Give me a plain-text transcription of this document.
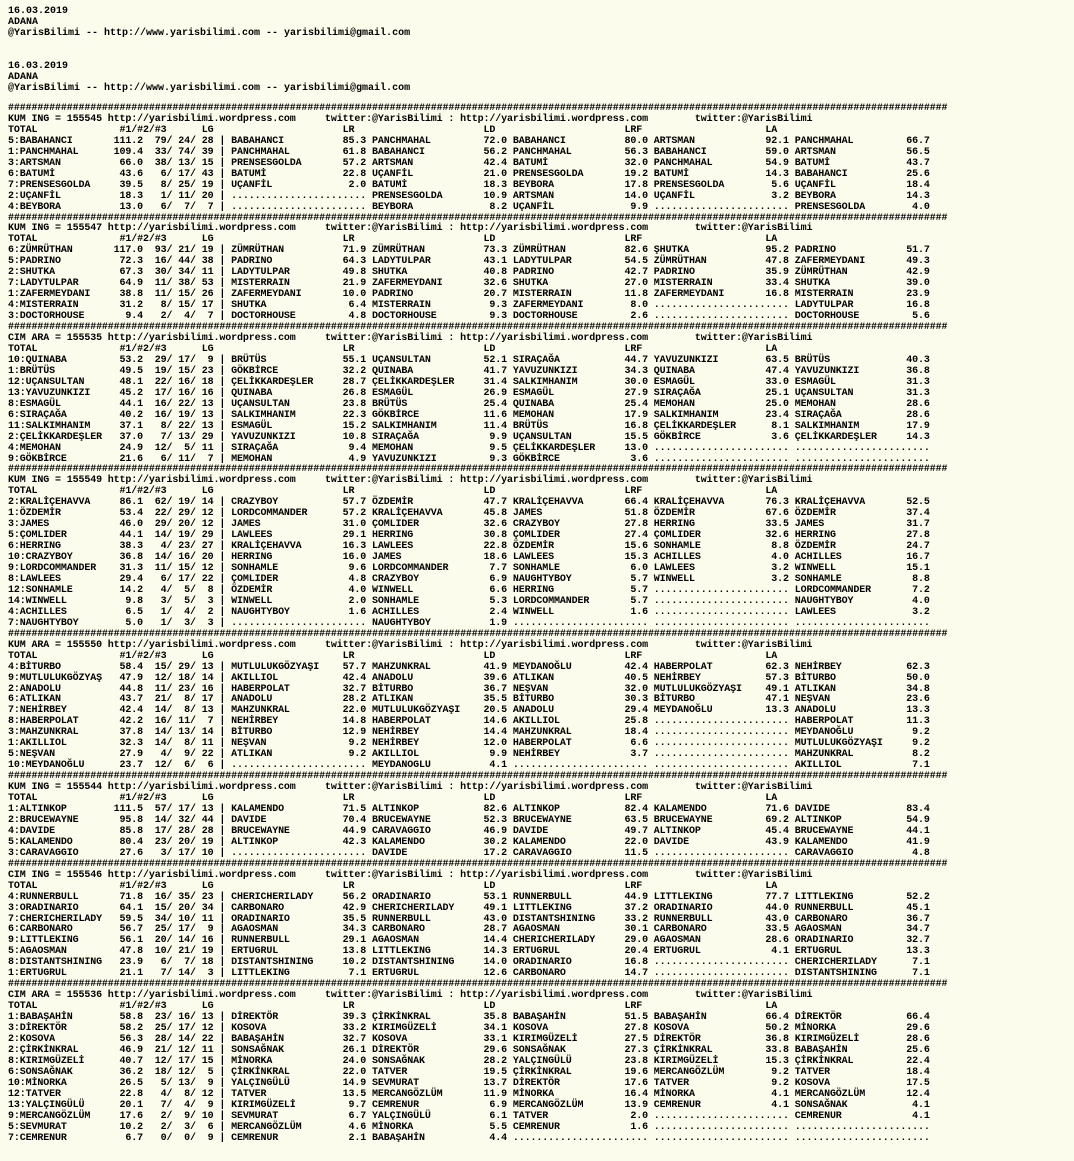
16.03.2019
ADANA
@YarisBilimi -- http://www.yarisbilimi.com -- yarisbilimi@gmail.com
16.03.2019
ADANA
@YarisBilimi -- http://www.yarisbilimi.com -- yarisbilimi@gmail.com
################################################################################################################################################################
KUM ING = 155545 http://yarisbilimi.wordpress.com     twitter:@YarisBilimi : http://yarisbilimi.wordpress.com        twitter:@YarisBilimi
TOTAL              #1/#2/#3      LG                      LR                      LD                      LRF                     LA
5:BABAHANCI       111.2  79/ 24/ 28 | BABAHANCI          85.3 PANCHMAHAL         72.0 BABAHANCI          80.0 ARTSMAN            92.1 PANCHMAHAL         66.7
1:PANCHMAHAL      109.4  33/ 74/ 39 | PANCHMAHAL         61.8 BABAHANCI          56.2 PANCHMAHAL         56.3 BABAHANCI          59.0 ARTSMAN            56.5
3:ARTSMAN          66.0  38/ 13/ 15 | PRENSESGOLDA       57.2 ARTSMAN            42.4 BATUMİ             32.0 PANCHMAHAL         54.9 BATUMİ             43.7
6:BATUMİ           43.6   6/ 17/ 43 | BATUMİ             22.8 UÇANFİL            21.0 PRENSESGOLDA       19.2 BATUMİ             14.3 BABAHANCI          25.6
7:PRENSESGOLDA     39.5   8/ 25/ 19 | UÇANFİL             2.0 BATUMİ             18.3 BEYBORA            17.8 PRENSESGOLDA        5.6 UÇANFİL            18.4
2:UÇANFİL          18.3   1/ 11/ 20 | ....................... PRENSESGOLDA       10.9 ARTSMAN            14.0 UÇANFİL             3.2 BEYBORA            14.3
4:BEYBORA          13.0   6/  7/  7 | ....................... BEYBORA             8.2 UÇANFİL             9.9 ....................... PRENSESGOLDA        4.0
################################################################################################################################################################
KUM ING = 155547 http://yarisbilimi.wordpress.com     twitter:@YarisBilimi : http://yarisbilimi.wordpress.com        twitter:@YarisBilimi
TOTAL              #1/#2/#3      LG                      LR                      LD                      LRF                     LA
6:ZÜMRÜTHAN       117.0  93/ 21/ 19 | ZÜMRÜTHAN          71.9 ZÜMRÜTHAN          73.3 ZÜMRÜTHAN          82.6 ŞHUTKA             95.2 PADRINO            51.7
5:PADRINO          72.3  16/ 44/ 38 | PADRINO            64.3 LADYTULPAR         43.1 LADYTULPAR         54.5 ZÜMRÜTHAN          47.8 ZAFERMEYDANI       49.3
2:SHUTKA           67.3  30/ 34/ 11 | LADYTULPAR         49.8 SHUTKA             40.8 PADRINO            42.7 PADRINO            35.9 ZÜMRÜTHAN          42.9
7:LADYTULPAR       64.9  11/ 38/ 53 | MISTERRAIN         21.9 ZAFERMEYDANI       32.6 SHUTKA             27.0 MISTERRAIN         33.4 SHUTKA             39.0
1:ZAFERMEYDANI     38.8  11/ 15/ 26 | ZAFERMEYDANI       10.0 PADRINO            20.7 MISTERRAIN         11.8 ZAFERMEYDANI       16.8 MISTERRAIN         23.9
4:MISTERRAIN       31.2   8/ 15/ 17 | SHUTKA              6.4 MISTERRAIN          9.3 ZAFERMEYDANI        8.0 ....................... LADYTULPAR         16.8
3:DOCTORHOUSE       9.4   2/  4/  7 | DOCTORHOUSE         4.8 DOCTORHOUSE         9.3 DOCTORHOUSE         2.6 ....................... DOCTORHOUSE         5.6
################################################################################################################################################################
CIM ARA = 155535 http://yarisbilimi.wordpress.com     twitter:@YarisBilimi : http://yarisbilimi.wordpress.com        twitter:@YarisBilimi
TOTAL              #1/#2/#3      LG                      LR                      LD                      LRF                     LA
10:QUINABA         53.2  29/ 17/  9 | BRÜTÜS             55.1 UÇANSULTAN         52.1 SIRAÇAĞA           44.7 YAVUZUNKIZI        63.5 BRÜTÜS             40.3
1:BRÜTÜS           49.5  19/ 15/ 23 | GÖKBİRCE           32.2 QUINABA            41.7 YAVUZUNKIZI        34.3 QUINABA            47.4 YAVUZUNKIZI        36.8
12:UÇANSULTAN      48.1  22/ 16/ 18 | ÇELİKKARDEŞLER     28.7 ÇELİKKARDEŞLER     31.4 SALKIMHANIM        30.0 ESMAGÜL            33.0 ESMAGÜL            31.3
13:YAVUZUNKIZI     45.2  17/ 16/ 16 | QUINABA            26.8 ESMAGÜL            26.9 ESMAGÜL            27.9 SIRAÇAĞA           25.1 UÇANSULTAN         31.3
8:ESMAGÜL          44.1  16/ 22/ 13 | UÇANSULTAN         23.8 BRÜTÜS             25.4 QUINABA            25.4 MEMOHAN            25.0 MEMOHAN            28.6
6:SIRAÇAĞA         40.2  16/ 19/ 13 | SALKIMHANIM        22.3 GÖKBİRCE           11.6 MEMOHAN            17.9 SALKIMHANIM        23.4 SIRAÇAĞA           28.6
11:SALKIMHANIM     37.1   8/ 22/ 13 | ESMAGÜL            15.2 SALKIMHANIM        11.4 BRÜTÜS             16.8 ÇELİKKARDEŞLER      8.1 SALKIMHANIM        17.9
2:ÇELİKKARDEŞLER   37.0   7/ 13/ 29 | YAVUZUNKIZI        10.8 SIRAÇAĞA            9.9 UÇANSULTAN         15.5 GÖKBİRCE            3.6 ÇELİKKARDEŞLER     14.3
4:MEMOHAN          24.9  12/  5/ 11 | SIRAÇAĞA            9.4 MEMOHAN             9.5 ÇELİKKARDEŞLER     13.0 ....................... .......................
9:GÖKBİRCE         21.6   6/ 11/  7 | MEMOHAN             4.9 YAVUZUNKIZI         9.3 GÖKBİRCE            3.6 ....................... .......................
################################################################################################################################################################
KUM ING = 155549 http://yarisbilimi.wordpress.com     twitter:@YarisBilimi : http://yarisbilimi.wordpress.com        twitter:@YarisBilimi
TOTAL              #1/#2/#3      LG                      LR                      LD                      LRF                     LA
2:KRALİÇEHAVVA     86.1  62/ 19/ 14 | CRAZYBOY           57.7 ÖZDEMİR            47.7 KRALİÇEHAVVA       66.4 KRALİÇEHAVVA       76.3 KRALİÇEHAVVA       52.5
1:ÖZDEMİR          53.4  22/ 29/ 12 | LORDCOMMANDER      57.2 KRALİÇEHAVVA       45.8 JAMES              51.8 ÖZDEMİR            67.6 ÖZDEMİR            37.4
3:JAMES            46.0  29/ 20/ 12 | JAMES              31.0 ÇOMLIDER           32.6 CRAZYBOY           27.8 HERRING            33.5 JAMES              31.7
5:ÇOMLIDER         44.1  14/ 19/ 29 | LAWLEES            29.1 HERRING            30.8 ÇOMLIDER           27.4 ÇOMLIDER           32.6 HERRING            27.8
6:HERRING          38.3   4/ 23/ 27 | KRALİÇEHAVVA       16.3 LAWLEES            22.8 ÖZDEMİR            15.6 SONHAMLE            8.8 ÖZDEMİR            24.7
10:CRAZYBOY        36.8  14/ 16/ 20 | HERRING            16.0 JAMES              18.6 LAWLEES            15.3 ACHILLES            4.0 ACHILLES           16.7
9:LORDCOMMANDER    31.3  11/ 15/ 12 | SONHAMLE            9.6 LORDCOMMANDER       7.7 SONHAMLE            6.0 LAWLEES             3.2 WINWELL            15.1
8:LAWLEES          29.4   6/ 17/ 22 | ÇOMLIDER            4.8 CRAZYBOY            6.9 NAUGHTYBOY          5.7 WINWELL             3.2 SONHAMLE            8.8
12:SONHAMLE        14.2   4/  5/  8 | ÖZDEMİR             4.0 WINWELL             6.6 HERRING             5.7 ....................... LORDCOMMANDER       7.2
14:WINWELL          9.8   3/  5/  3 | WINWELL             2.0 SONHAMLE            5.3 LORDCOMMANDER       5.7 ....................... NAUGHTYBOY          4.0
4:ACHILLES          6.5   1/  4/  2 | NAUGHTYBOY          1.6 ACHILLES            2.4 WINWELL             1.6 ....................... LAWLEES             3.2
7:NAUGHTYBOY        5.0   1/  3/  3 | ....................... NAUGHTYBOY          1.9 ....................... ....................... .......................
################################################################################################################################################################
KUM ARA = 155550 http://yarisbilimi.wordpress.com     twitter:@YarisBilimi : http://yarisbilimi.wordpress.com        twitter:@YarisBilimi
TOTAL              #1/#2/#3      LG                      LR                      LD                      LRF                     LA
4:BİTURBO          58.4  15/ 29/ 13 | MUTLULUKGÖZYAŞI    57.7 MAHZUNKRAL         41.9 MEYDANOĞLU         42.4 HABERPOLAT         62.3 NEHİRBEY           62.3
9:MUTLULUKGÖZYAŞ   47.9  12/ 18/ 14 | AKILLIOL           42.4 ANADOLU            39.6 ATLIKAN            40.5 NEHİRBEY           57.3 BİTURBO            50.0
2:ANADOLU          44.8  11/ 23/ 16 | HABERPOLAT         32.7 BİTURBO            36.7 NEŞVAN             32.0 MUTLULUKGÖZYAŞI    49.1 ATLIKAN            34.8
6:ATLIKAN          43.7  21/  8/ 17 | ANADOLU            28.2 ATLIKAN            35.5 BİTURBO            30.3 BİTURBO            47.1 NEŞVAN             23.6
7:NEHİRBEY         42.4  14/  8/ 13 | MAHZUNKRAL         22.0 MUTLULUKGÖZYAŞI    20.5 ANADOLU            29.4 MEYDANOĞLU         13.3 ANADOLU            13.3
8:HABERPOLAT       42.2  16/ 11/  7 | NEHİRBEY           14.8 HABERPOLAT         14.6 AKILLIOL           25.8 ....................... HABERPOLAT         11.3
3:MAHZUNKRAL       37.8  14/ 13/ 14 | BİTURBO            12.9 NEHİRBEY           14.4 MAHZUNKRAL         18.4 ....................... MEYDANOĞLU          9.2
1:AKILLIOL         32.3  14/  8/ 11 | NEŞVAN              9.2 NEHİRBEY           12.0 HABERPOLAT          6.6 ....................... MUTLULUKGÖZYAŞI     9.2
5:NEŞVAN           27.9   4/  9/ 22 | ATLIKAN             9.2 AKILLIOL            9.9 NEHİRBEY            3.7 ....................... MAHZUNKRAL          8.2
10:MEYDANOĞLU      23.7  12/  6/  6 | ....................... MEYDANOGLU          4.1 ....................... ....................... AKILLIOL            7.1
################################################################################################################################################################
KUM ING = 155544 http://yarisbilimi.wordpress.com     twitter:@YarisBilimi : http://yarisbilimi.wordpress.com        twitter:@YarisBilimi
TOTAL              #1/#2/#3      LG                      LR                      LD                      LRF                     LA
1:ALTINKOP        111.5  57/ 17/ 13 | KALAMENDO          71.5 ALTINKOP           82.6 ALTINKOP           82.4 KALAMENDO          71.6 DAVIDE             83.4
2:BRUCEWAYNE       95.8  14/ 32/ 44 | DAVIDE             70.4 BRUCEWAYNE         52.3 BRUCEWAYNE         63.5 BRUCEWAYNE         69.2 ALTINKOP           54.9
4:DAVIDE           85.8  17/ 28/ 28 | BRUCEWAYNE         44.9 CARAVAGGIO         46.9 DAVIDE             49.7 ALTINKOP           45.4 BRUCEWAYNE         44.1
5:KALAMENDO        80.4  23/ 20/ 19 | ALTINKOP           42.3 KALAMENDO          30.2 KALAMENDO          22.0 DAVIDE             43.9 KALAMENDO          41.9
3:CARAVAGGIO       27.6   3/ 17/ 10 | ....................... DAVIDE             17.2 CARAVAGGIO         11.5 ....................... CARAVAGGIO          4.8
################################################################################################################################################################
CIM ING = 155546 http://yarisbilimi.wordpress.com     twitter:@YarisBilimi : http://yarisbilimi.wordpress.com        twitter:@YarisBilimi
TOTAL              #1/#2/#3      LG                      LR                      LD                      LRF                     LA
4:RUNNERBULL       71.8  16/ 35/ 23 | CHERICHERILADY     56.2 ORADINARIO         53.1 RUNNERBULL         44.9 LITTLEKING         77.7 LITTLEKING         52.2
3:ORADINARIO       64.1  15/ 20/ 34 | CARBONARO          42.9 CHERICHERILADY     49.1 LITTLEKING         37.2 ORADINARIO         44.0 RUNNERBULL         45.1
7:CHERICHERILADY   59.5  34/ 10/ 11 | ORADINARIO         35.5 RUNNERBULL         43.0 DISTANTSHINING     33.2 RUNNERBULL         43.0 CARBONARO          36.7
6:CARBONARO        56.7  25/ 17/  9 | AGAOSMAN           34.3 CARBONARO          28.7 AGAOSMAN           30.1 CARBONARO          33.5 AGAOSMAN           34.7
9:LITTLEKING       56.1  20/ 14/ 16 | RUNNERBULL         29.1 AGAOSMAN           14.4 CHERICHERILADY     29.0 AGAOSMAN           28.6 ORADINARIO         32.7
5:AGAOSMAN         47.8  10/ 21/ 19 | ERTUGRUL           13.8 LITTLEKING         14.3 ERTUGRUL           20.4 ERTUGRUL            4.1 ERTUGRUL           13.3
8:DISTANTSHINING   23.9   6/  7/ 18 | DISTANTSHINING     10.2 DISTANTSHINING     14.0 ORADINARIO         16.8 ....................... CHERICHERILADY      7.1
1:ERTUGRUL         21.1   7/ 14/  3 | LITTLEKING          7.1 ERTUGRUL           12.6 CARBONARO          14.7 ....................... DISTANTSHINING      7.1
################################################################################################################################################################
CIM ARA = 155536 http://yarisbilimi.wordpress.com     twitter:@YarisBilimi : http://yarisbilimi.wordpress.com        twitter:@YarisBilimi
TOTAL              #1/#2/#3      LG                      LR                      LD                      LRF                     LA
1:BABAŞAHİN        58.8  23/ 16/ 13 | DİREKTÖR           39.3 ÇİRKİNKRAL         35.8 BABAŞAHİN          51.5 BABAŞAHİN          66.4 DİREKTÖR           66.4
3:DİREKTÖR         58.2  25/ 17/ 12 | KOSOVA             33.2 KIRIMGÜZELİ        34.1 KOSOVA             27.8 KOSOVA             50.2 MİNORKA            29.6
2:KOSOVA           56.3  28/ 14/ 22 | BABAŞAHİN          32.7 KOSOVA             33.1 KIRIMGÜZELİ        27.5 DİREKTÖR           36.8 KIRIMGÜZELİ        28.6
2:ÇİRKİNKRAL       46.9  21/ 12/ 11 | SONSAĞNAK          26.1 DİREKTÖR           29.6 SONSAĞNAK          27.3 ÇİRKİNKRAL         33.8 BABAŞAHİN          25.6
8:KIRIMGÜZELİ      40.7  12/ 17/ 15 | MİNORKA            24.0 SONSAĞNAK          28.2 YALÇINGÜLÜ         23.8 KIRIMGÜZELİ        15.3 ÇİRKİNKRAL         22.4
6:SONSAĞNAK        36.2  18/ 12/  5 | ÇİRKİNKRAL         22.0 TATVER             19.5 ÇİRKİNKRAL         19.6 MERCANGÖZLÜM        9.2 TATVER             18.4
10:MİNORKA         26.5   5/ 13/  9 | YALÇINGÜLÜ         14.9 SEVMURAT           13.7 DİREKTÖR           17.6 TATVER              9.2 KOSOVA             17.5
12:TATVER          22.8   4/  8/ 12 | TATVER             13.5 MERCANGÖZLÜM       11.9 MİNORKA            16.4 MİNORKA             4.1 MERCANGÖZLÜM       12.4
13:YALÇINGÜLÜ      20.1   7/  4/  9 | KIRIMGÜZELİ         9.7 CEMRENUR            6.9 MERCANGÖZLÜM       13.9 CEMRENUR            4.1 SONSAĞNAK           4.1
9:MERCANGÖZLÜM     17.6   2/  9/ 10 | SEVMURAT            6.7 YALÇINGÜLÜ          6.1 TATVER              2.0 ....................... CEMRENUR            4.1
5:SEVMURAT         10.2   2/  3/  6 | MERCANGÖZLÜM        4.6 MİNORKA             5.5 CEMRENUR            1.6 ....................... .......................
7:CEMRENUR          6.7   0/  0/  9 | CEMRENUR            2.1 BABAŞAHİN           4.4 ....................... ....................... .......................
